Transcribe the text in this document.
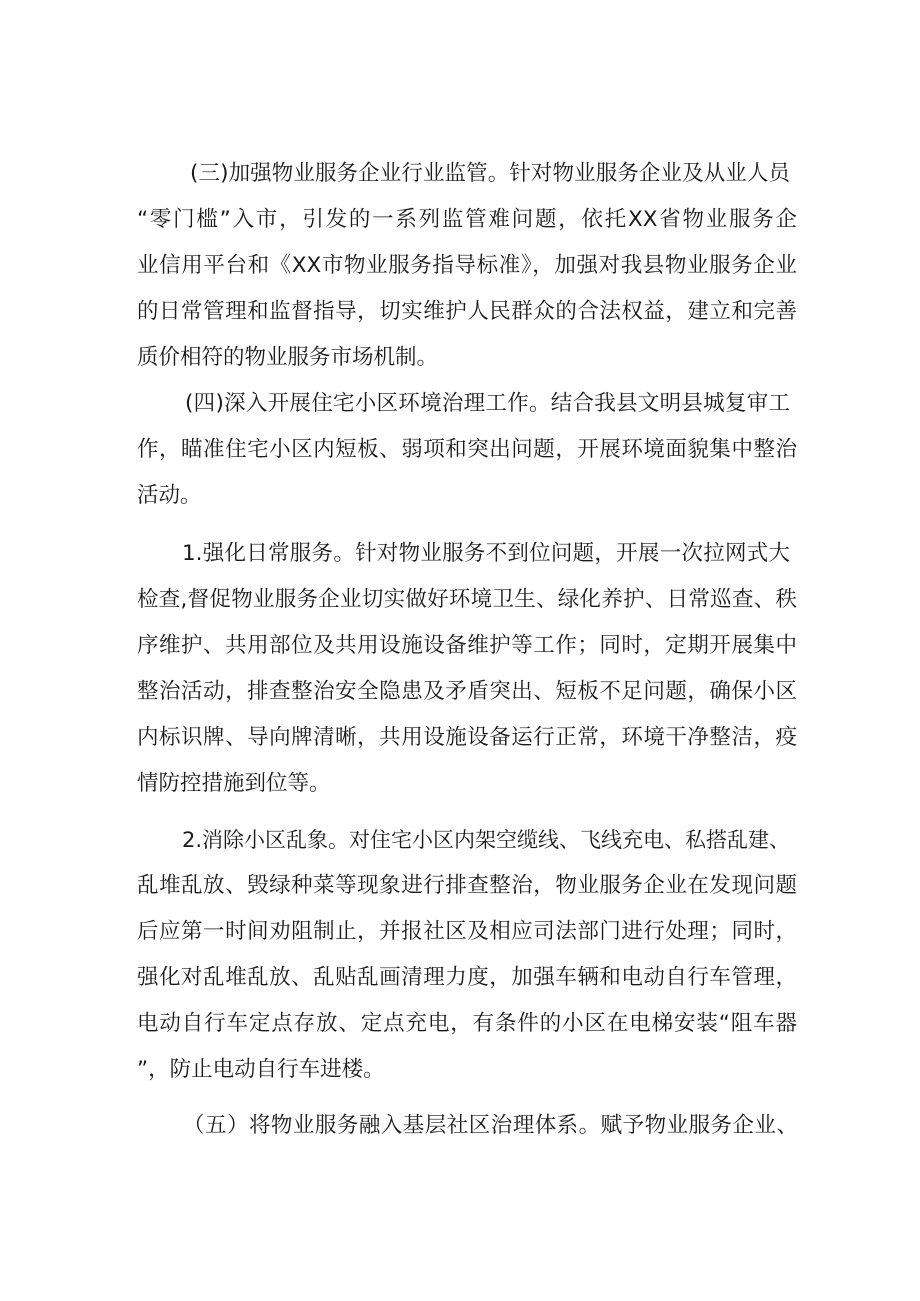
(三)加强物业服务企业行业监管。针对物业服务企业及从业人员
“零门槛”入市，引发的一系列监管难问题，依托XX省物业服务企
业信用平台和《XX市物业服务指导标准》，加强对我县物业服务企业
的日常管理和监督指导，切实维护人民群众的合法权益，建立和完善
质价相符的物业服务市场机制。
(四)深入开展住宅小区环境治理工作。结合我县文明县城复审工
作，瞄准住宅小区内短板、弱项和突出问题，开展环境面貌集中整治
活动。
1.强化日常服务。针对物业服务不到位问题，开展一次拉网式大
检查,督促物业服务企业切实做好环境卫生、绿化养护、日常巡查、秩
序维护、共用部位及共用设施设备维护等工作；同时，定期开展集中
整治活动，排查整治安全隐患及矛盾突出、短板不足问题，确保小区
内标识牌、导向牌清晰，共用设施设备运行正常，环境干净整洁，疫
情防控措施到位等。
2.消除小区乱象。对住宅小区内架空缆线、飞线充电、私搭乱建、
乱堆乱放、毁绿种菜等现象进行排查整治，物业服务企业在发现问题
后应第一时间劝阻制止，并报社区及相应司法部门进行处理；同时，
强化对乱堆乱放、乱贴乱画清理力度，加强车辆和电动自行车管理，
电动自行车定点存放、定点充电，有条件的小区在电梯安装“阻车器
”，防止电动自行车进楼。
（五）将物业服务融入基层社区治理体系。赋予物业服务企业、
